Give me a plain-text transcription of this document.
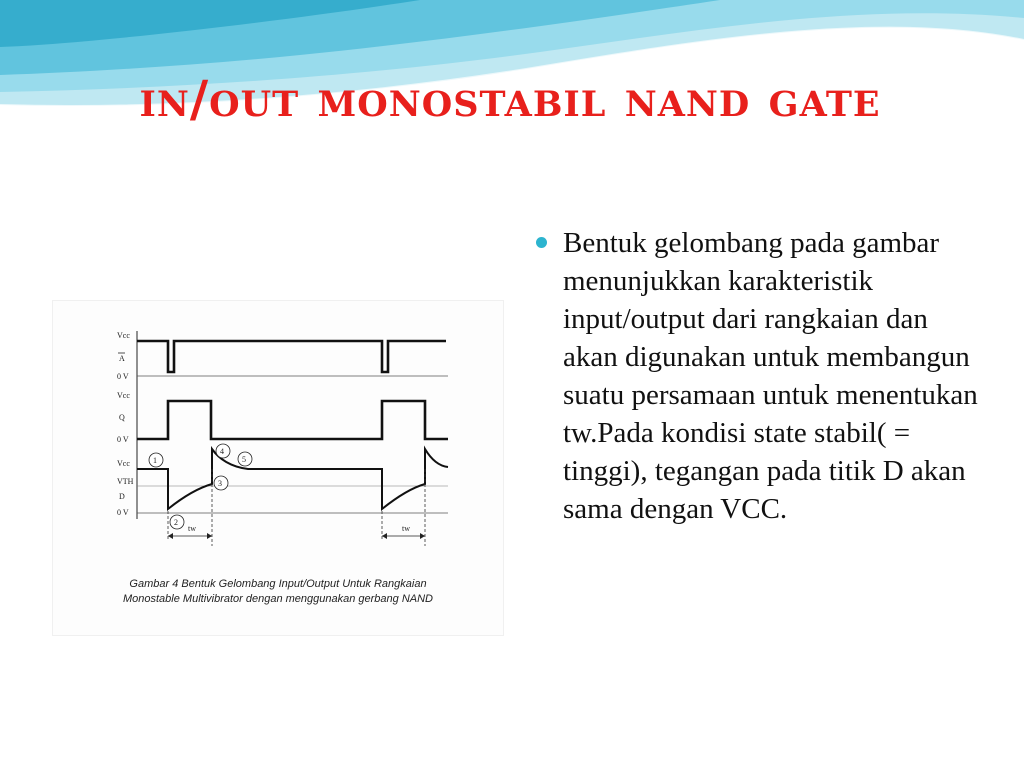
in/out monostabil nand gate
Vcc
A
0 V
Vcc
Q
0 V
Vcc
VTH
D
0 V
tw	tw
1
2
3
4
5
Gambar 4 Bentuk Gelombang Input/Output Untuk Rangkaian
Monostable Multivibrator dengan menggunakan gerbang NAND
Bentuk gelombang pada gambar menunjukkan karakteristik input/output dari rangkaian dan akan digunakan untuk membangun suatu persamaan untuk menentukan tw.Pada kondisi state stabil( = tinggi), tegangan pada titik D akan sama dengan VCC.
